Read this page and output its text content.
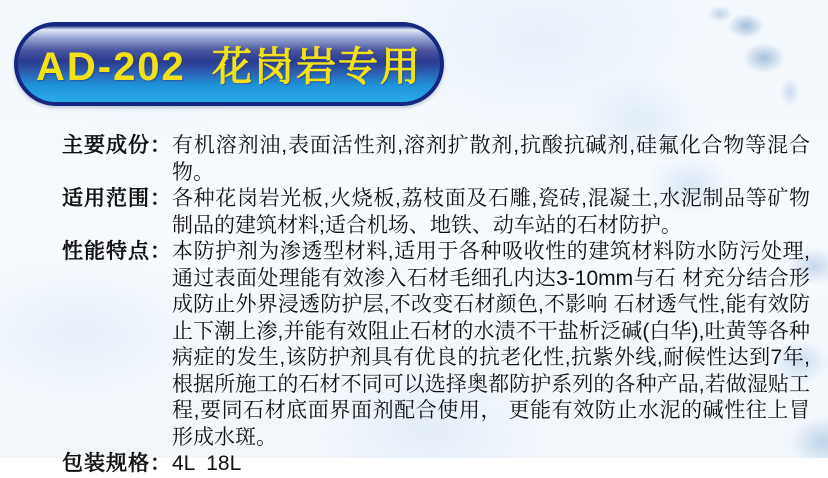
AD-202  花岗岩专用
主要成份： 有机溶剂油,表面活性剂,溶剂扩散剂,抗酸抗碱剂,硅氟化合物等混合物。
适用范围： 各种花岗岩光板,火烧板,荔枝面及石雕,瓷砖,混凝土,水泥制品等矿物制品的建筑材料;适合机场、地铁、动车站的石材防护。
性能特点： 本防护剂为渗透型材料,适用于各种吸收性的建筑材料防水防污处理,通过表面处理能有效渗入石材毛细孔内达3-10mm与石 材充分结合形成防止外界浸透防护层,不改变石材颜色,不影响 石材透气性,能有效防止下潮上渗,并能有效阻止石材的水渍不干盐析泛碱(白华),吐黄等各种病症的发生,该防护剂具有优良的抗老化性,抗紫外线,耐候性达到7年,根据所施工的石材不同可以选择奥都防护系列的各种产品,若做湿贴工程,要同石材底面界面剂配合使用， 更能有效防止水泥的碱性往上冒形成水斑。
包装规格： 4L  18L
